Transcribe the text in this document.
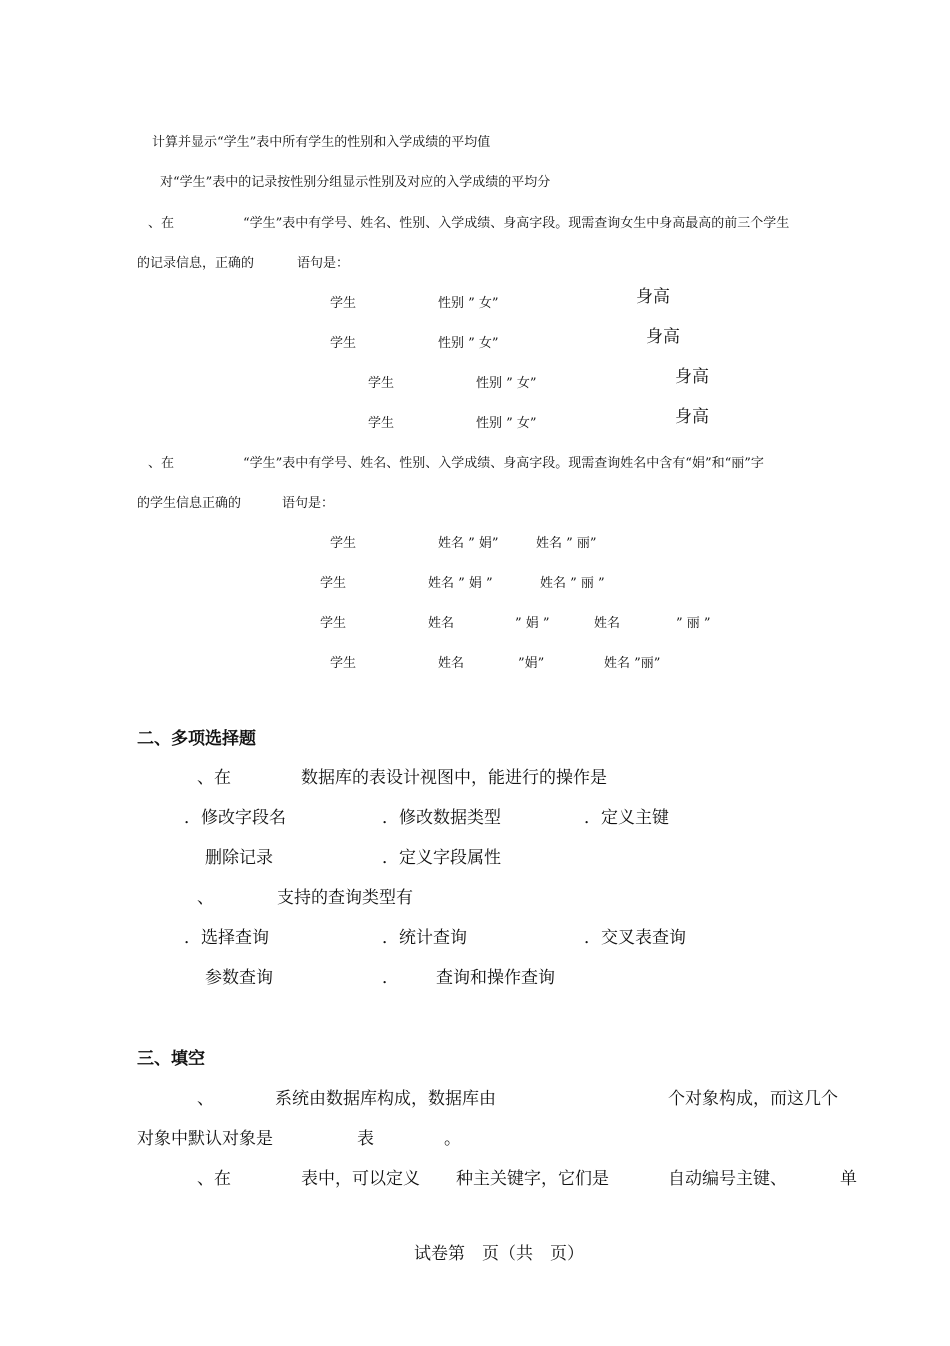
计算并显示“学生”表中所有学生的性别和入学成绩的平均值
对“学生”表中的记录按性别分组显示性别及对应的入学成绩的平均分
、在	“学生”表中有学号、姓名、性别、入学成绩、身高字段。现需查询女生中身高最高的前三个学生
的记录信息，正确的	语句是：
学生	性别 ” 女”	身高
学生	性别 ” 女”	身高
学生	性别 ” 女”	身高
学生	性别 ” 女”	身高
、在	“学生”表中有学号、姓名、性别、入学成绩、身高字段。现需查询姓名中含有“娟”和“丽”字
的学生信息正确的	语句是：
学生	姓名 ” 娟”	姓名 ” 丽”
学生	姓名 ” 娟 ”	姓名 ” 丽 ”
学生	姓名	” 娟 ”	姓名	” 丽 ”
学生	姓名	”娟”	姓名 ”丽”
二、多项选择题
、在	数据库的表设计视图中，能进行的操作是
．修改字段名	．修改数据类型	．定义主键
删除记录	．定义字段属性
、	支持的查询类型有
．选择查询	．统计查询	．交叉表查询
参数查询	． 查询和操作查询
三、填空
、	系统由数据库构成，数据库由	个对象构成，而这几个
对象中默认对象是	表	。
、在	表中，可以定义 种主关键字，它们是	自动编号主键、	单
试卷第 页（共 页）
